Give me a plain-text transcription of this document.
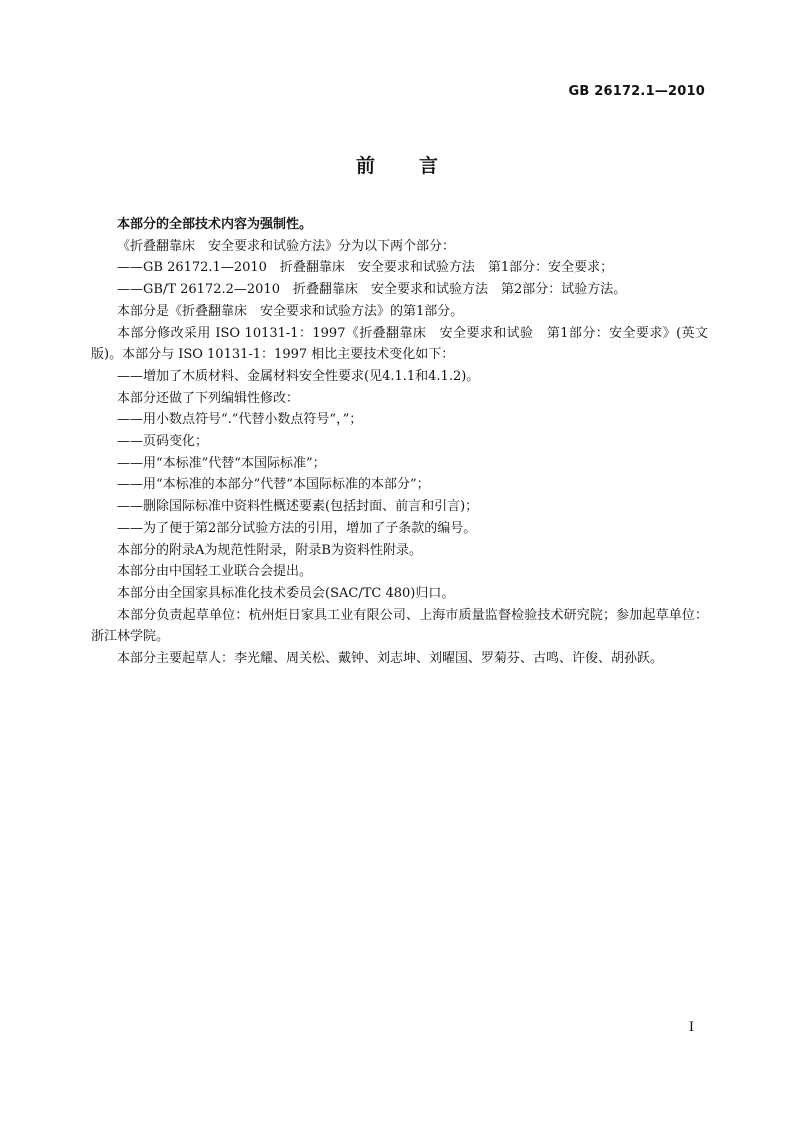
GB 26172.1—2010
前言

本部分的全部技术内容为强制性。

《折叠翻靠床　安全要求和试验方法》分为以下两个部分：

——GB 26172.1—2010　折叠翻靠床　安全要求和试验方法　第1部分：安全要求；

——GB/T 26172.2—2010　折叠翻靠床　安全要求和试验方法　第2部分：试验方法。

本部分是《折叠翻靠床　安全要求和试验方法》的第1部分。

本部分修改采用 ISO 10131-1：1997《折叠翻靠床　安全要求和试验　第1部分：安全要求》(英文版)。本部分与 ISO 10131-1：1997 相比主要技术变化如下：

——增加了木质材料、金属材料安全性要求(见4.1.1和4.1.2)。

本部分还做了下列编辑性修改：

——用小数点符号“.”代替小数点符号“，”；

——页码变化；

——用“本标准”代替“本国际标准”；

——用“本标准的本部分”代替“本国际标准的本部分”；

——删除国际标准中资料性概述要素(包括封面、前言和引言)；

——为了便于第2部分试验方法的引用，增加了子条款的编号。

本部分的附录A为规范性附录，附录B为资料性附录。

本部分由中国轻工业联合会提出。

本部分由全国家具标准化技术委员会(SAC/TC 480)归口。

本部分负责起草单位：杭州炬日家具工业有限公司、上海市质量监督检验技术研究院；参加起草单位：浙江林学院。

本部分主要起草人：李光耀、周关松、戴钟、刘志坤、刘曜国、罗菊芬、古鸣、许俊、胡孙跃。

I
